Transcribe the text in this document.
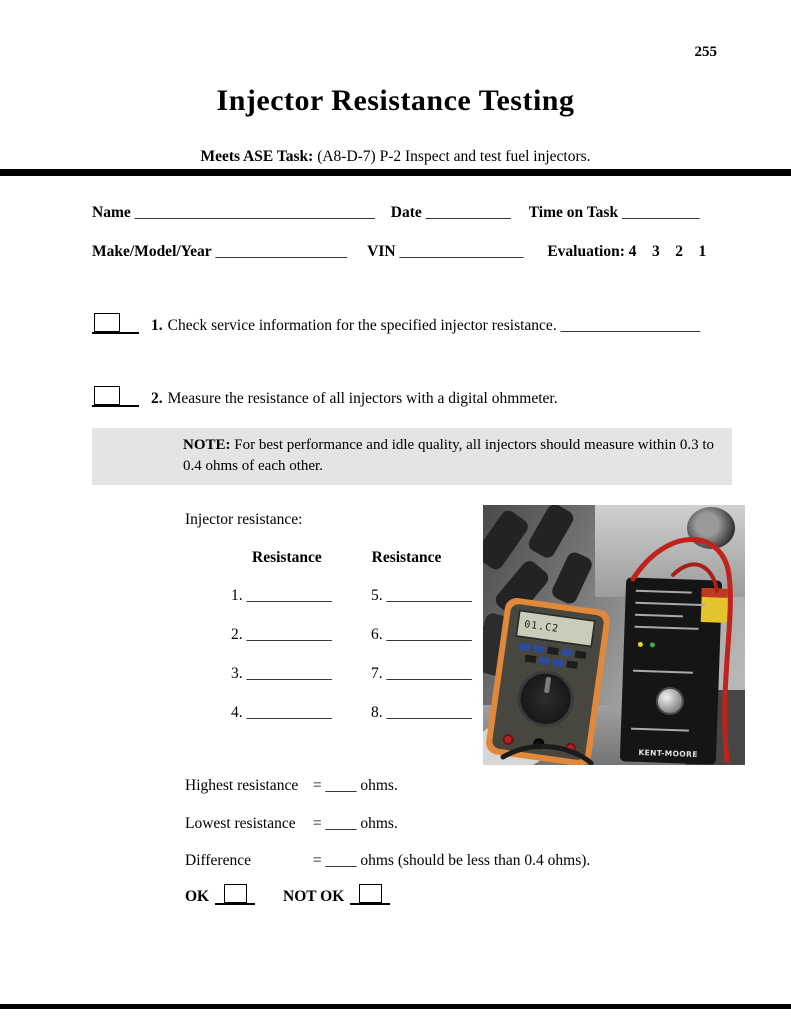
255
Injector Resistance Testing
Meets ASE Task: (A8-D-7) P-2 Inspect and test fuel injectors.
Name _______________________________ Date ___________ Time on Task __________
Make/Model/Year _________________ VIN ________________ Evaluation: 4    3    2    1
1. Check service information for the specified injector resistance. __________________
2. Measure the resistance of all injectors with a digital ohmmeter.
NOTE: For best performance and idle quality, all injectors should measure within 0.3 to 0.4 ohms of each other.
Injector resistance:
Resistance	Resistance
1. ___________	5. ___________
2. ___________	6. ___________
3. ___________	7. ___________
4. ___________	8. ___________
01.C2
KENT-MOORE
Highest resistance = ____ ohms.
Lowest resistance = ____ ohms.
Difference	= ____ ohms (should be less than 0.4 ohms).
OK	NOT OK
